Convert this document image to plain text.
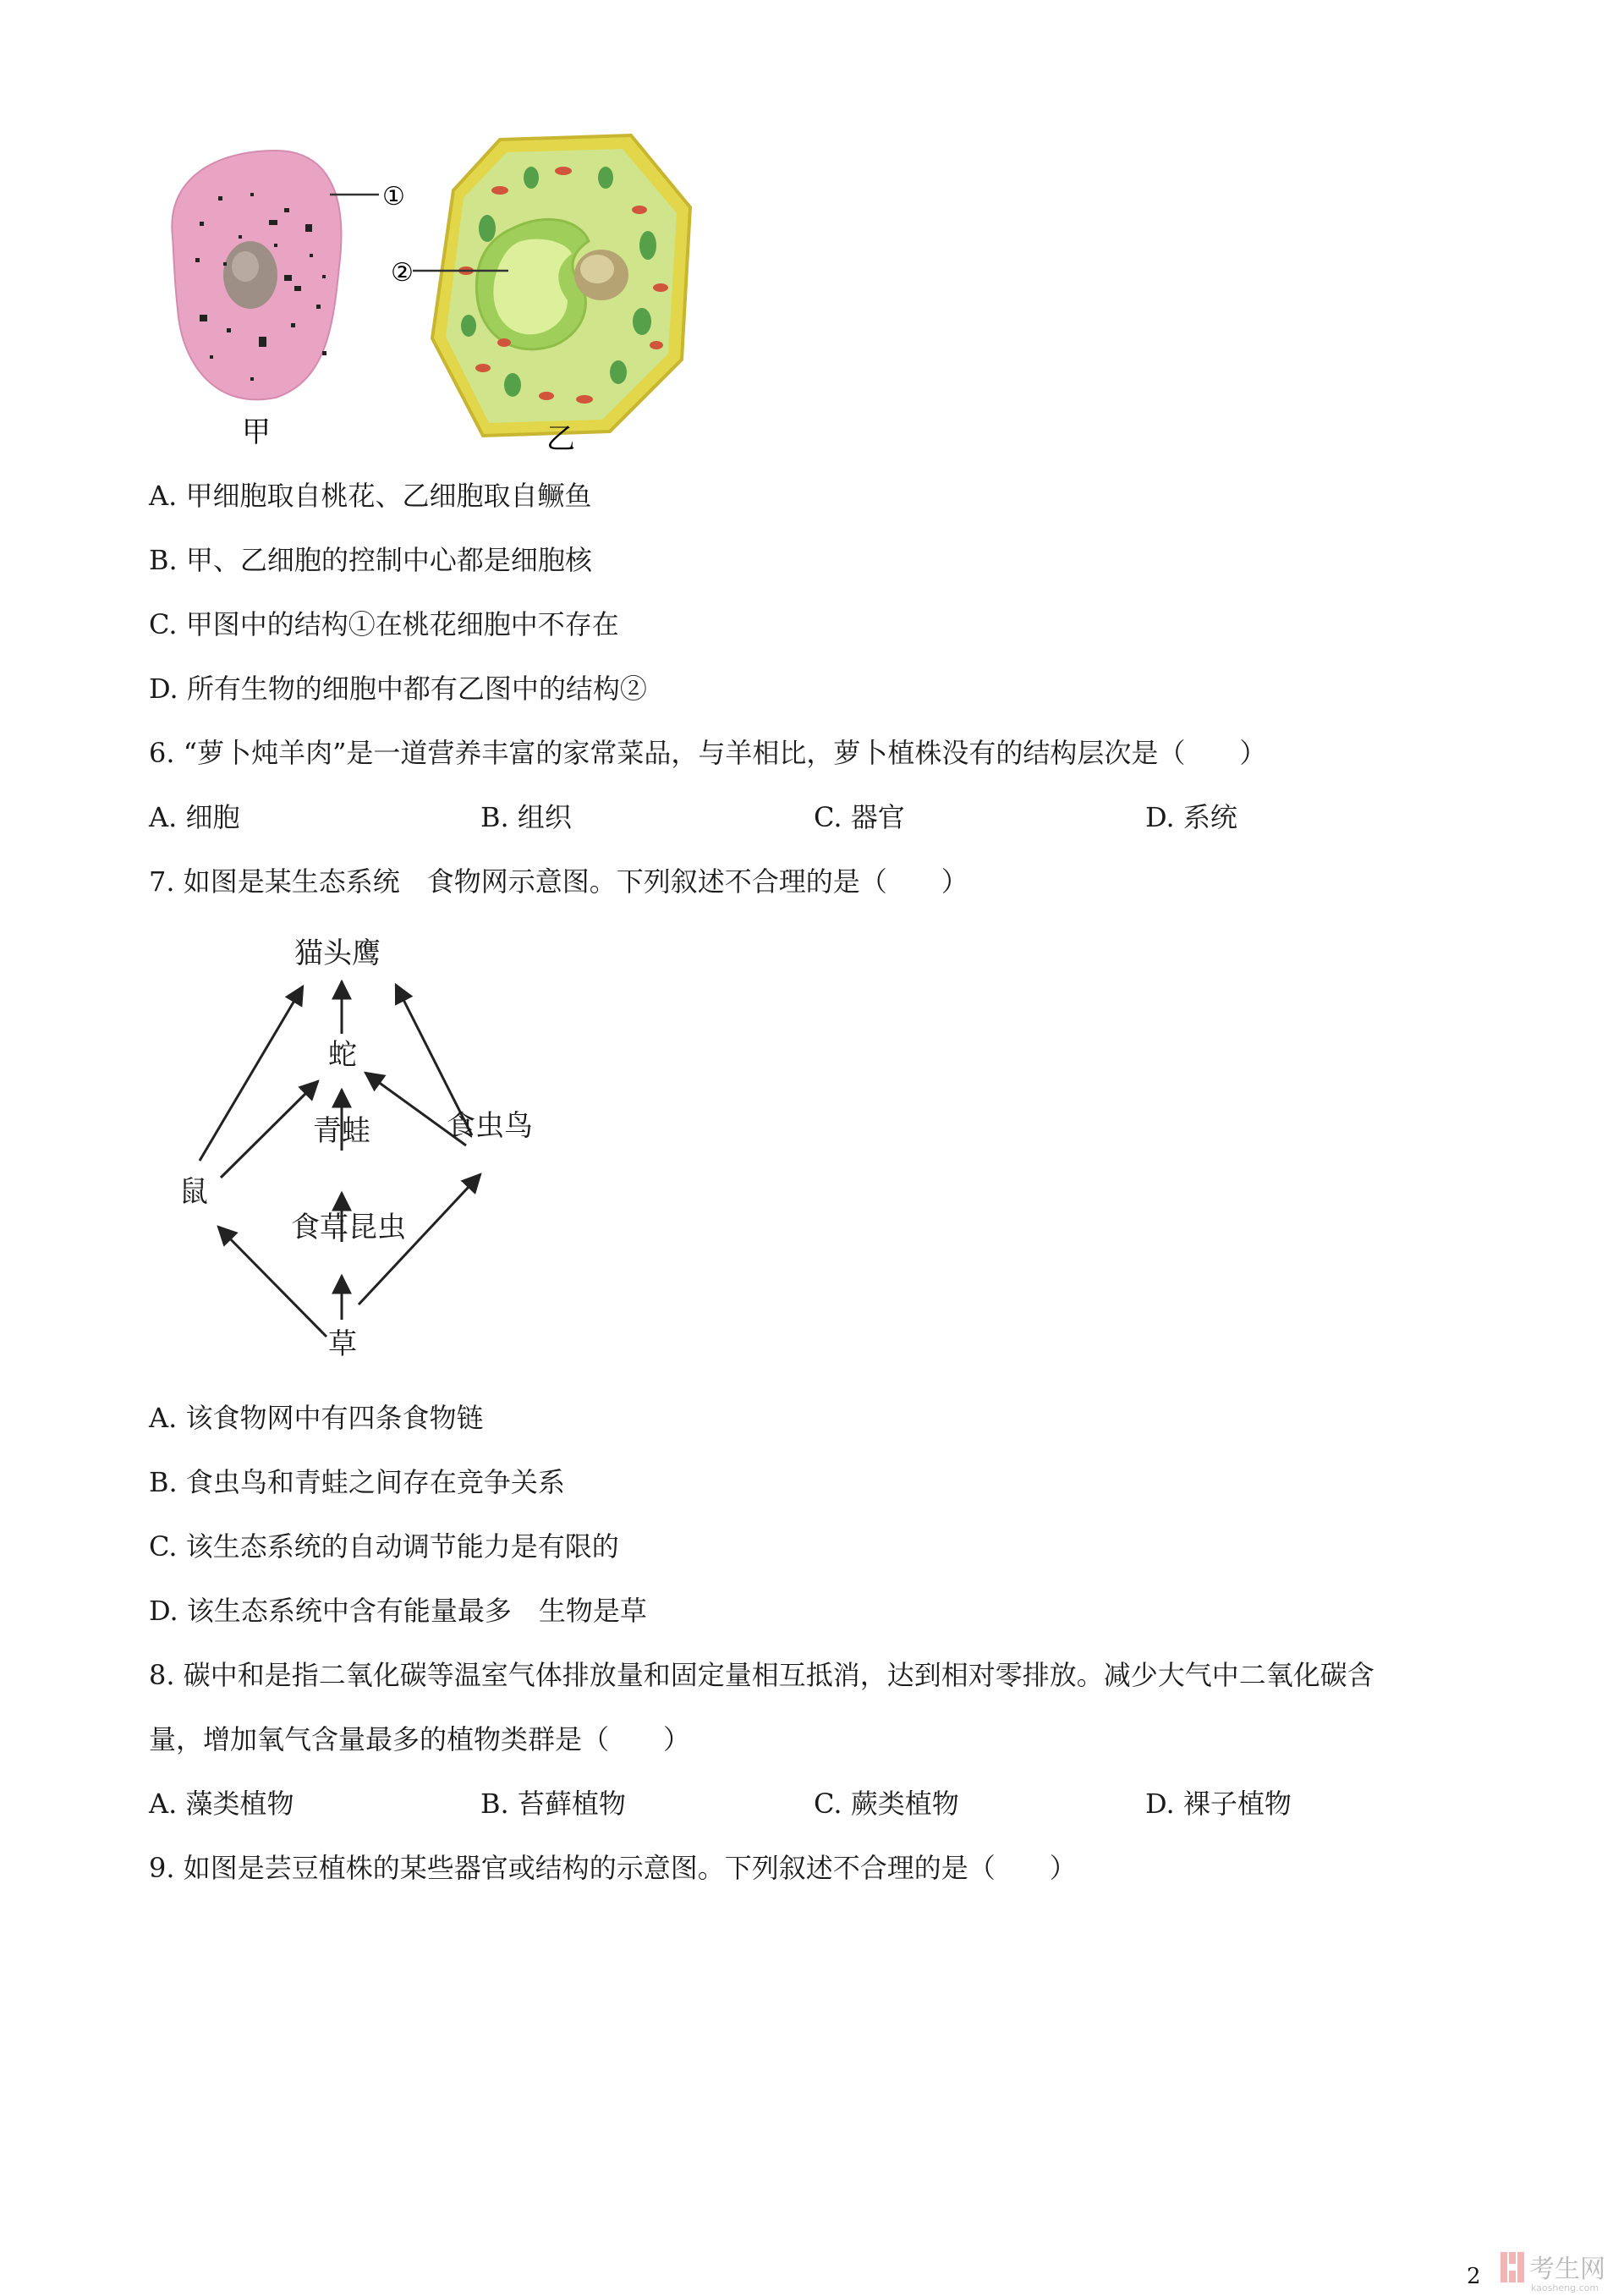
①
甲
②
乙

A. 甲细胞取自桃花、乙细胞取自鳜鱼

B. 甲、乙细胞的控制中心都是细胞核

C. 甲图中的结构①在桃花细胞中不存在

D. 所有生物的细胞中都有乙图中的结构②

6. “萝卜炖羊肉”是一道营养丰富的家常菜品，与羊相比，萝卜植株没有的结构层次是（　　）

A. 细胞	B. 组织	C. 器官	D. 系统

7. 如图是某生态系统　食物网示意图。下列叙述不合理的是（　　）

猫头鹰
蛇
青蛙	食虫鸟
鼠
食草昆虫
草

A. 该食物网中有四条食物链

B. 食虫鸟和青蛙之间存在竞争关系

C. 该生态系统的自动调节能力是有限的

D. 该生态系统中含有能量最多　生物是草

8. 碳中和是指二氧化碳等温室气体排放量和固定量相互抵消，达到相对零排放。减少大气中二氧化碳含

量，增加氧气含量最多的植物类群是（　　）

A. 藻类植物	B. 苔藓植物	C. 蕨类植物	D. 裸子植物

9. 如图是芸豆植株的某些器官或结构的示意图。下列叙述不合理的是（　　）

2 考生网
kaosheng.com
